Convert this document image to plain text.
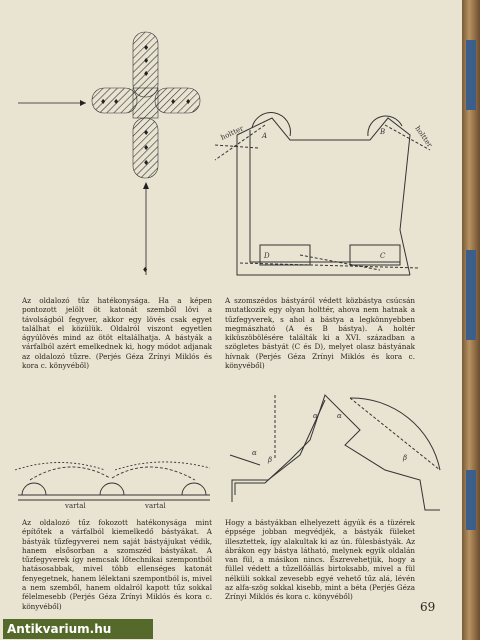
♦
♦
♦
♦
♦
♦
♦ ♦	♦ ♦
♦
A	B
C
D
holtter	holtter
vartal	vartal
α	α
α
β	β
Az oldalozó tűz hatékonysága. Ha a képen pontozott jelölt öt katonát szemből lövi a távolságból fegyver, akkor egy lövés csak egyet találhat el közülük. Oldalról viszont egyetlen ágyúlövés mind az ötöt eltalálhatja. A bástyák a várfalból azért emelkednek ki, hogy módot adjanak az oldalozó tűzre. (Perjés Géza Zrínyi Miklós és kora c. könyvéből)
A szomszédos bástyáról védett közbástya csúcsán mutatkozik egy olyan holttér, ahova nem hatnak a tűzfegyverek, s ahol a bástya a legkönnyebben megmászható (A és B bástya). A holtér kiküszöbölésére találták ki a XVI. században a szögletes bástyát (C és D), melyet olasz bástyának hívnak (Perjés Géza Zrínyi Miklós és kora c. könyvéből)
Az oldalozó tűz fokozott hatékonysága mint építőtek a várfalból kiemelkedő bástyákat. A bástyák tűzfegyverei nem saját bástyájukat védik, hanem elsősorban a szomszéd bástyákat. A tűzfegyverek így nemcsak lőtechnikai szempontból hatásosabbak, mivel több ellenséges katonát fenyegetnek, hanem lélektani szempontból is, mivel a nem szemből, hanem oldalról kapott tűz sokkal félelmesebb (Perjés Géza Zrínyi Miklós és kora c. könyvéből)
Hogy a bástyákban elhelyezett ágyúk és a tüzérek éppsége jobban megvédjék, a bástyák füleket illesztettek, így alakultak ki az ún. fülesbástyák. Az ábrákon egy bástya látható, melynek egyik oldalán van fül, a másikon nincs. Észrevehetjük, hogy a füllel védett a tűzellőállás birtoksabb, mivel a fül nélküli sokkal zevesebb egyé vehető tűz alá, lévén az alfa-szög sokkal kisebb, mint a béta (Perjés Géza Zrínyi Miklós és kora c. könyvéből)
69
Antikvarium.hu
